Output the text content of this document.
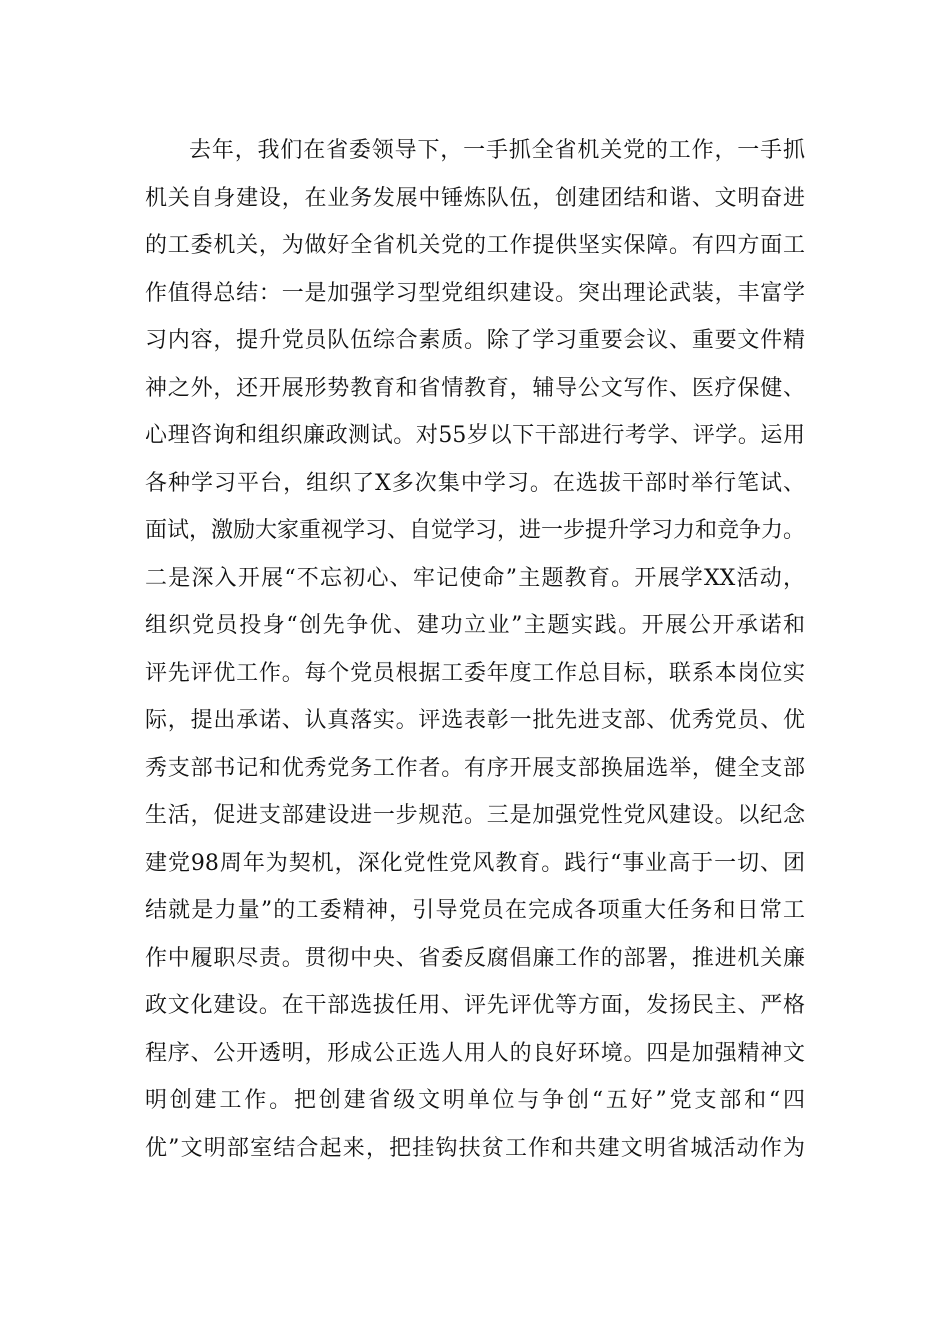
去年，我们在省委领导下，一手抓全省机关党的工作，一手抓
机关自身建设，在业务发展中锤炼队伍，创建团结和谐、文明奋进
的工委机关，为做好全省机关党的工作提供坚实保障。有四方面工
作值得总结：一是加强学习型党组织建设。突出理论武装，丰富学
习内容，提升党员队伍综合素质。除了学习重要会议、重要文件精
神之外，还开展形势教育和省情教育，辅导公文写作、医疗保健、
心理咨询和组织廉政测试。对55岁以下干部进行考学、评学。运用
各种学习平台，组织了X多次集中学习。在选拔干部时举行笔试、
面试，激励大家重视学习、自觉学习，进一步提升学习力和竞争力。
二是深入开展“不忘初心、牢记使命”主题教育。开展学XX活动，
组织党员投身“创先争优、建功立业”主题实践。开展公开承诺和
评先评优工作。每个党员根据工委年度工作总目标，联系本岗位实
际，提出承诺、认真落实。评选表彰一批先进支部、优秀党员、优
秀支部书记和优秀党务工作者。有序开展支部换届选举，健全支部
生活，促进支部建设进一步规范。三是加强党性党风建设。以纪念
建党98周年为契机，深化党性党风教育。践行“事业高于一切、团
结就是力量”的工委精神，引导党员在完成各项重大任务和日常工
作中履职尽责。贯彻中央、省委反腐倡廉工作的部署，推进机关廉
政文化建设。在干部选拔任用、评先评优等方面，发扬民主、严格
程序、公开透明，形成公正选人用人的良好环境。四是加强精神文
明创建工作。把创建省级文明单位与争创“五好”党支部和“四
优”文明部室结合起来，把挂钩扶贫工作和共建文明省城活动作为
